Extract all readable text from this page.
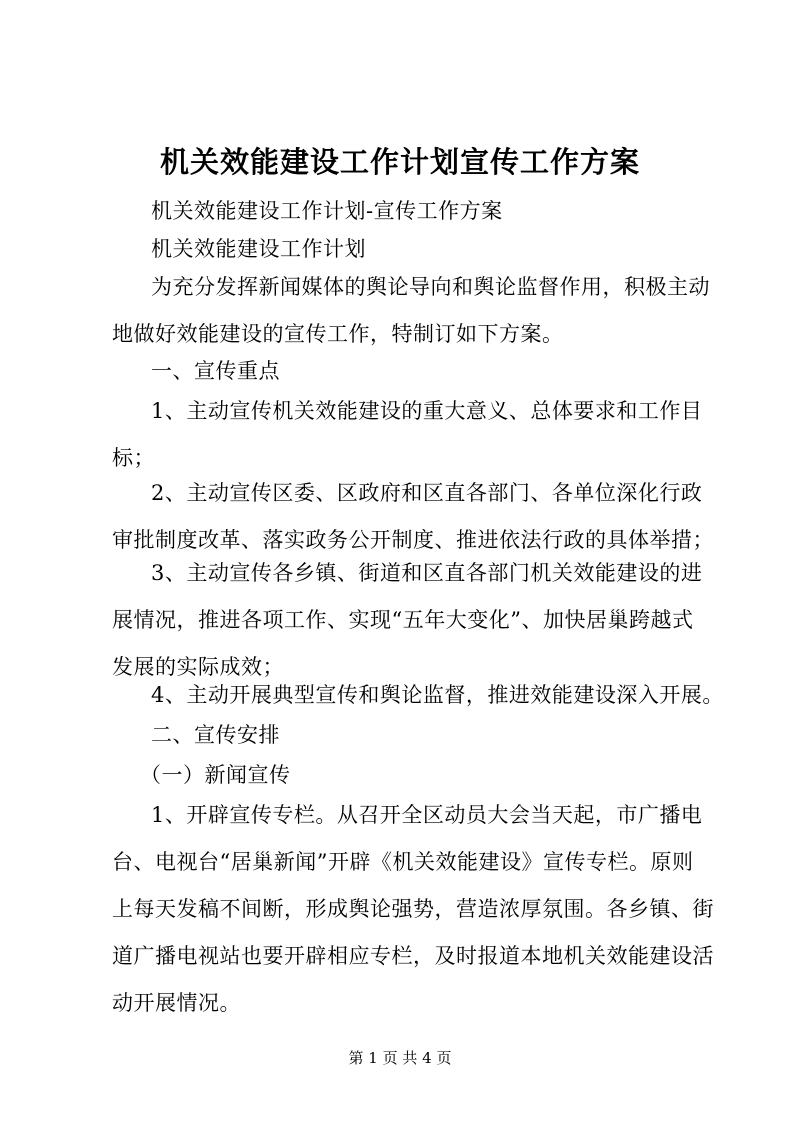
机关效能建设工作计划宣传工作方案

机关效能建设工作计划-宣传工作方案

机关效能建设工作计划

为充分发挥新闻媒体的舆论导向和舆论监督作用，积极主动
地做好效能建设的宣传工作，特制订如下方案。

一、宣传重点

1、主动宣传机关效能建设的重大意义、总体要求和工作目
标；

2、主动宣传区委、区政府和区直各部门、各单位深化行政
审批制度改革、落实政务公开制度、推进依法行政的具体举措；

3、主动宣传各乡镇、街道和区直各部门机关效能建设的进
展情况，推进各项工作、实现“五年大变化”、加快居巢跨越式
发展的实际成效；

4、主动开展典型宣传和舆论监督，推进效能建设深入开展。

二、宣传安排

（一）新闻宣传

1、开辟宣传专栏。从召开全区动员大会当天起，市广播电
台、电视台“居巢新闻”开辟《机关效能建设》宣传专栏。原则
上每天发稿不间断，形成舆论强势，营造浓厚氛围。各乡镇、街
道广播电视站也要开辟相应专栏，及时报道本地机关效能建设活
动开展情况。

第 1 页 共 4 页
